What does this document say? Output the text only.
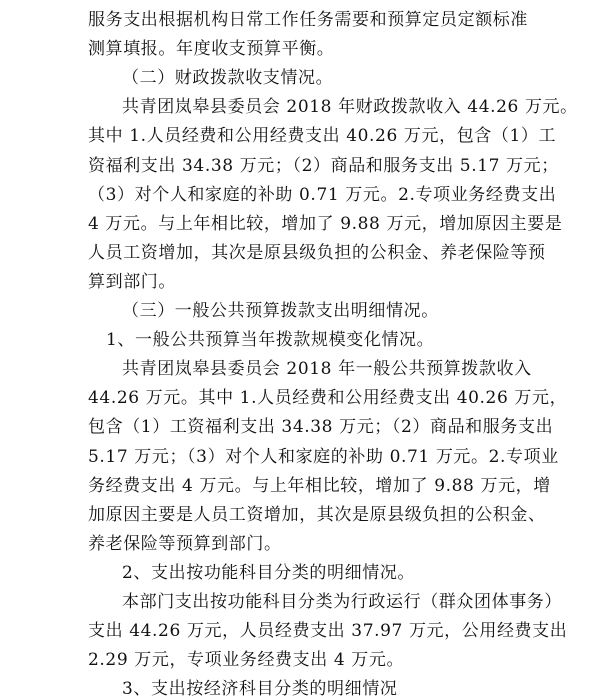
服务支出根据机构日常工作任务需要和预算定员定额标准
测算填报。年度收支预算平衡。
（二）财政拨款收支情况。
共青团岚皋县委员会 2018 年财政拨款收入 44.26 万元。
其中 1.人员经费和公用经费支出 40.26 万元，包含（1）工
资福利支出 34.38 万元；（2）商品和服务支出 5.17 万元；
（3）对个人和家庭的补助 0.71 万元。2.专项业务经费支出
4 万元。与上年相比较，增加了 9.88 万元，增加原因主要是
人员工资增加，其次是原县级负担的公积金、养老保险等预
算到部门。
（三）一般公共预算拨款支出明细情况。
1、一般公共预算当年拨款规模变化情况。
共青团岚皋县委员会 2018 年一般公共预算拨款收入
44.26 万元。其中 1.人员经费和公用经费支出 40.26 万元，
包含（1）工资福利支出 34.38 万元；（2）商品和服务支出
5.17 万元；（3）对个人和家庭的补助 0.71 万元。2.专项业
务经费支出 4 万元。与上年相比较，增加了 9.88 万元，增
加原因主要是人员工资增加，其次是原县级负担的公积金、
养老保险等预算到部门。
2、支出按功能科目分类的明细情况。
本部门支出按功能科目分类为行政运行（群众团体事务）
支出 44.26 万元，人员经费支出 37.97 万元，公用经费支出
2.29 万元，专项业务经费支出 4 万元。
3、支出按经济科目分类的明细情况
